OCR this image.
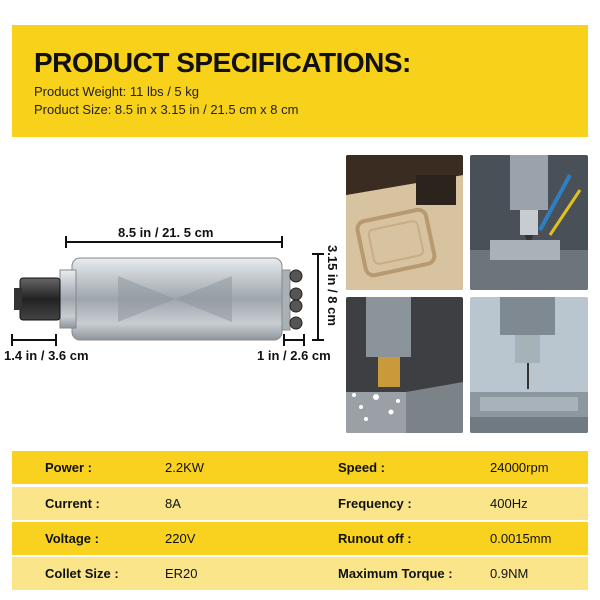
PRODUCT SPECIFICATIONS:
Product Weight: 11 lbs / 5 kg
Product Size: 8.5 in x 3.15 in / 21.5 cm x 8 cm
8.5 in / 21. 5 cm
3.15 in / 8 cm
1.4 in / 3.6 cm	1 in / 2.6 cm
Power :	2.2KW	Speed :	24000rpm
Current :	8A	Frequency :	400Hz
Voltage :	220V	Runout off :	0.0015mm
Collet Size :	ER20	Maximum Torque :	0.9NM
